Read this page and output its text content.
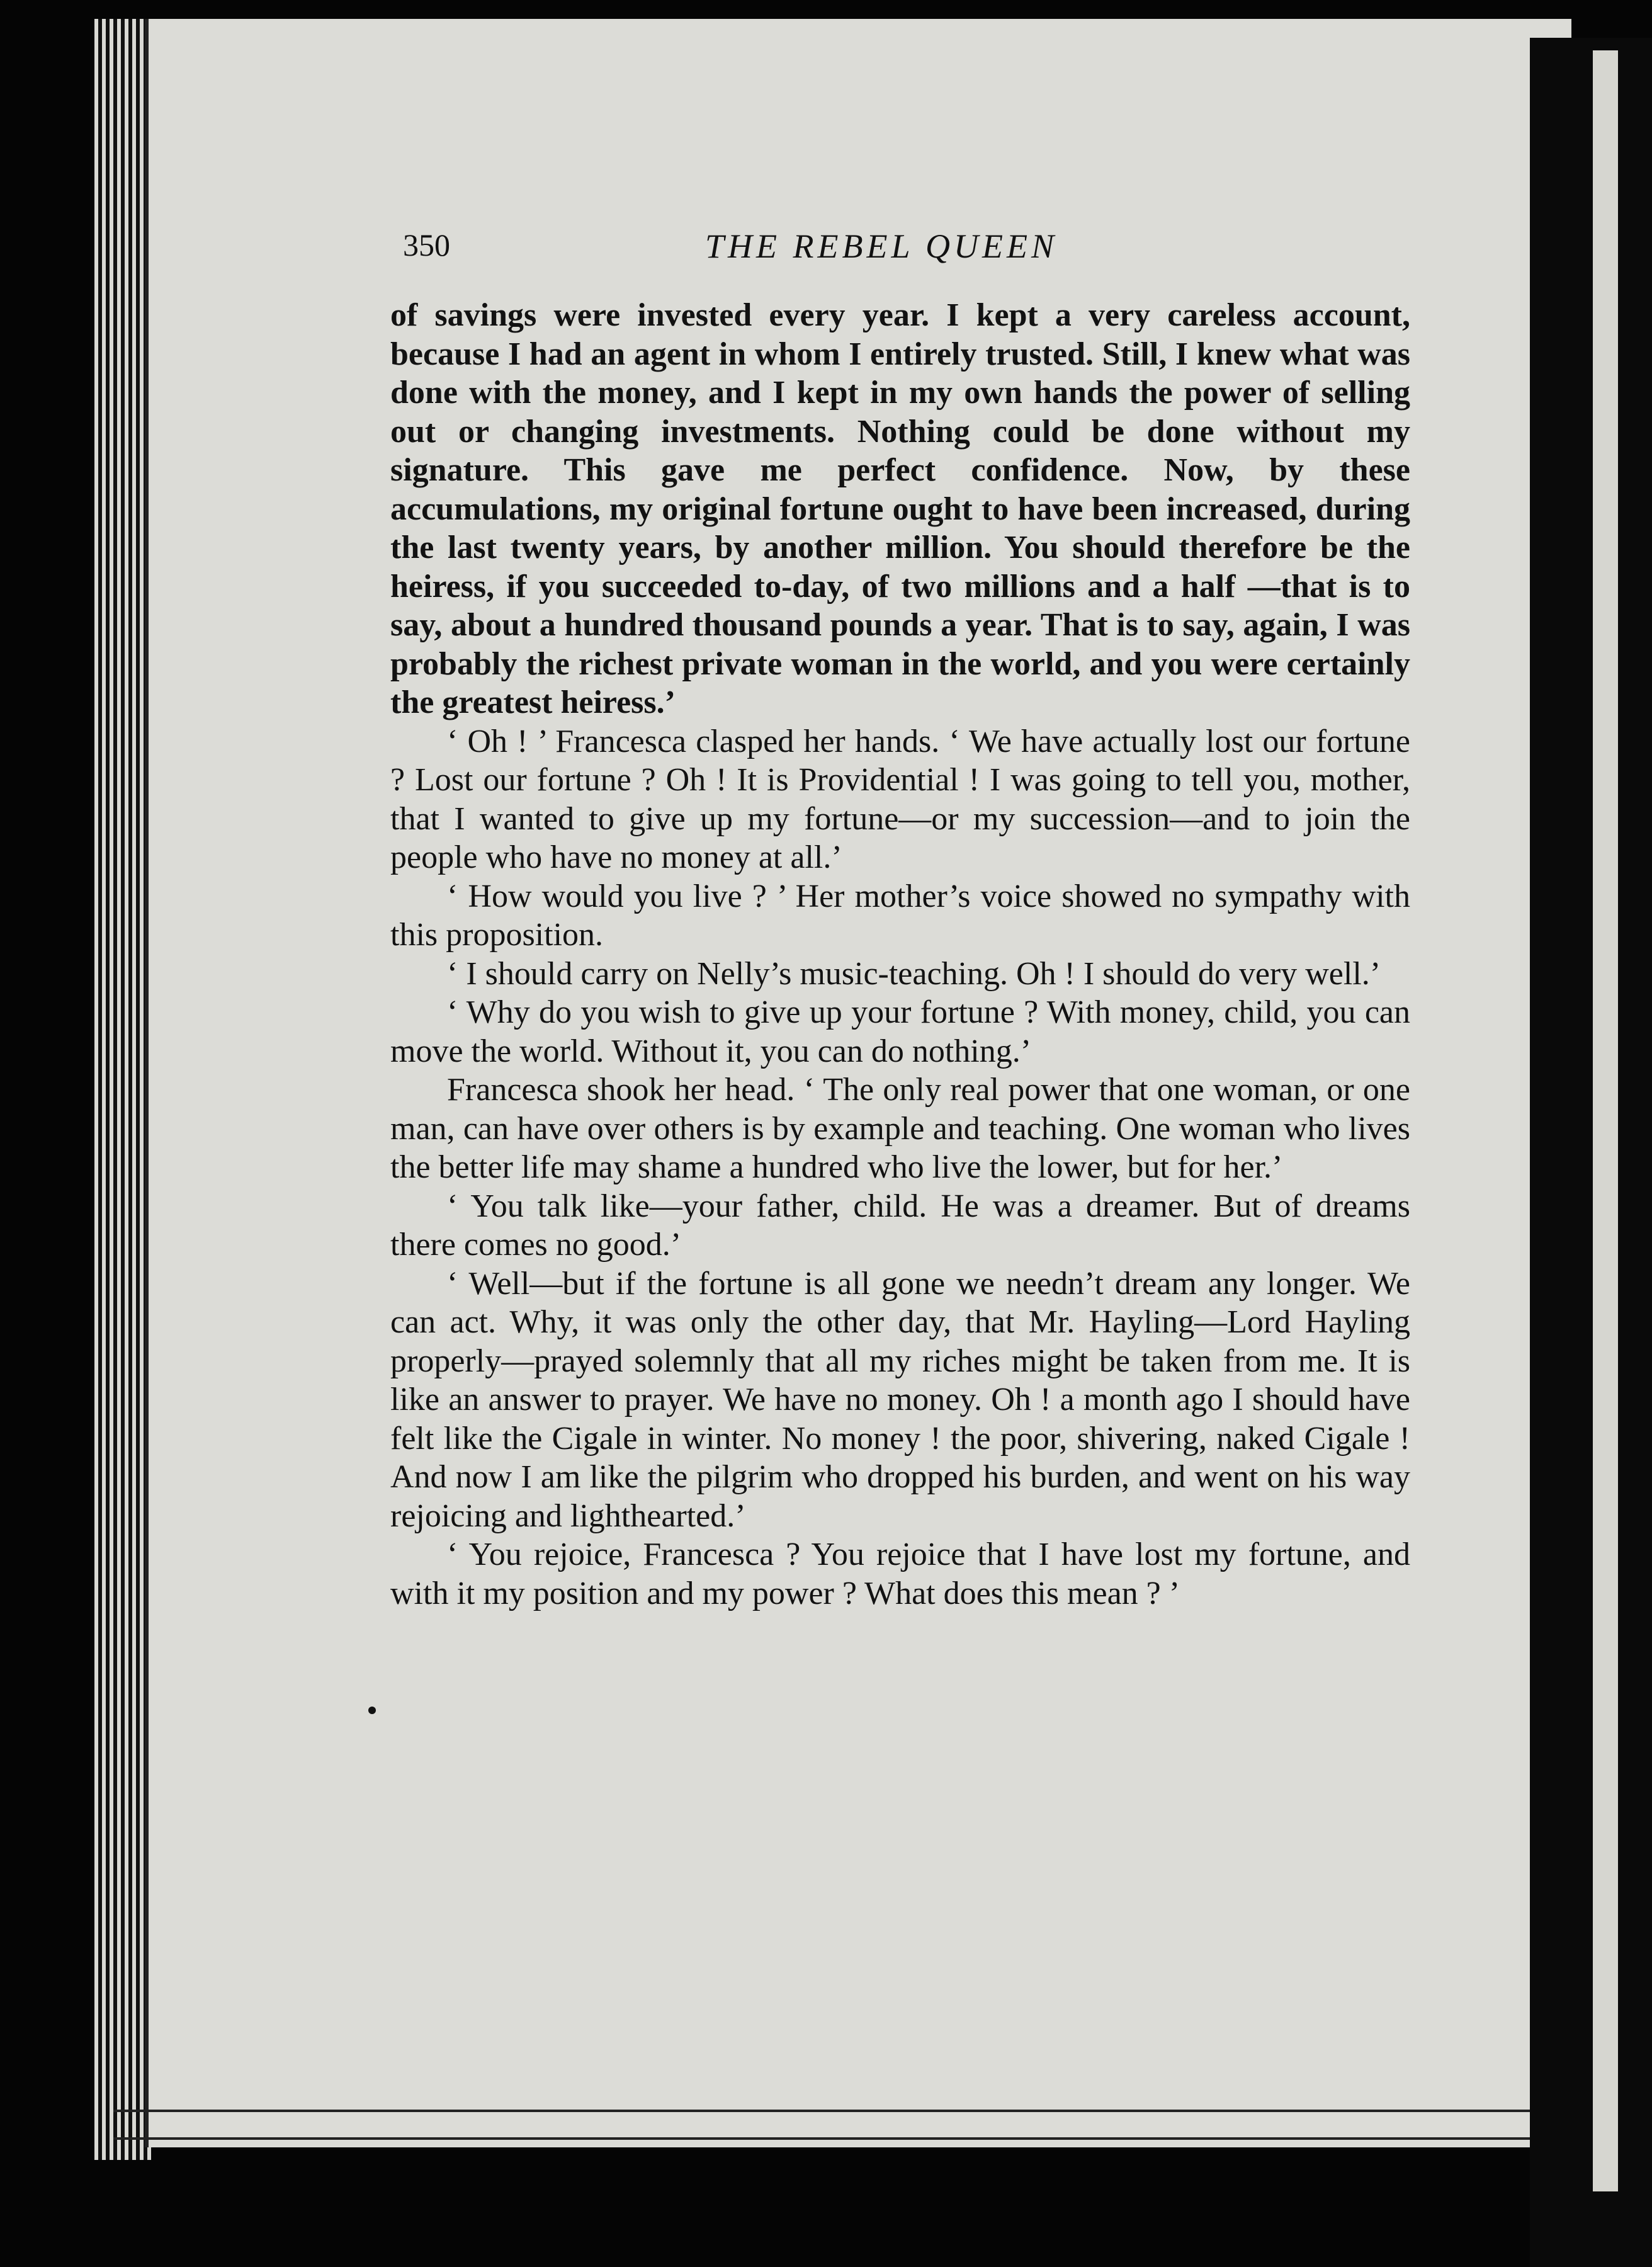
350	THE REBEL QUEEN

of savings were invested every year. I kept a very careless account, because I had an agent in whom I entirely trusted. Still, I knew what was done with the money, and I kept in my own hands the power of selling out or changing investments. Nothing could be done without my signature. This gave me perfect confidence. Now, by these accumulations, my original fortune ought to have been increased, during the last twenty years, by another million. You should therefore be the heiress, if you succeeded to-day, of two millions and a half —that is to say, about a hundred thousand pounds a year. That is to say, again, I was probably the richest private woman in the world, and you were certainly the greatest heiress.’

‘ Oh ! ’ Francesca clasped her hands. ‘ We have actually lost our fortune ? Lost our fortune ? Oh ! It is Providential ! I was going to tell you, mother, that I wanted to give up my fortune—or my succession—and to join the people who have no money at all.’

‘ How would you live ? ’ Her mother’s voice showed no sympathy with this proposition.

‘ I should carry on Nelly’s music-teaching. Oh ! I should do very well.’

‘ Why do you wish to give up your fortune ? With money, child, you can move the world. Without it, you can do nothing.’

Francesca shook her head. ‘ The only real power that one woman, or one man, can have over others is by example and teaching. One woman who lives the better life may shame a hundred who live the lower, but for her.’

‘ You talk like—your father, child. He was a dreamer. But of dreams there comes no good.’

‘ Well—but if the fortune is all gone we needn’t dream any longer. We can act. Why, it was only the other day, that Mr. Hayling—Lord Hayling properly—prayed solemnly that all my riches might be taken from me. It is like an answer to prayer. We have no money. Oh ! a month ago I should have felt like the Cigale in winter. No money ! the poor, shivering, naked Cigale ! And now I am like the pilgrim who dropped his burden, and went on his way rejoicing and lighthearted.’

‘ You rejoice, Francesca ? You rejoice that I have lost my fortune, and with it my position and my power ? What does this mean ? ’
